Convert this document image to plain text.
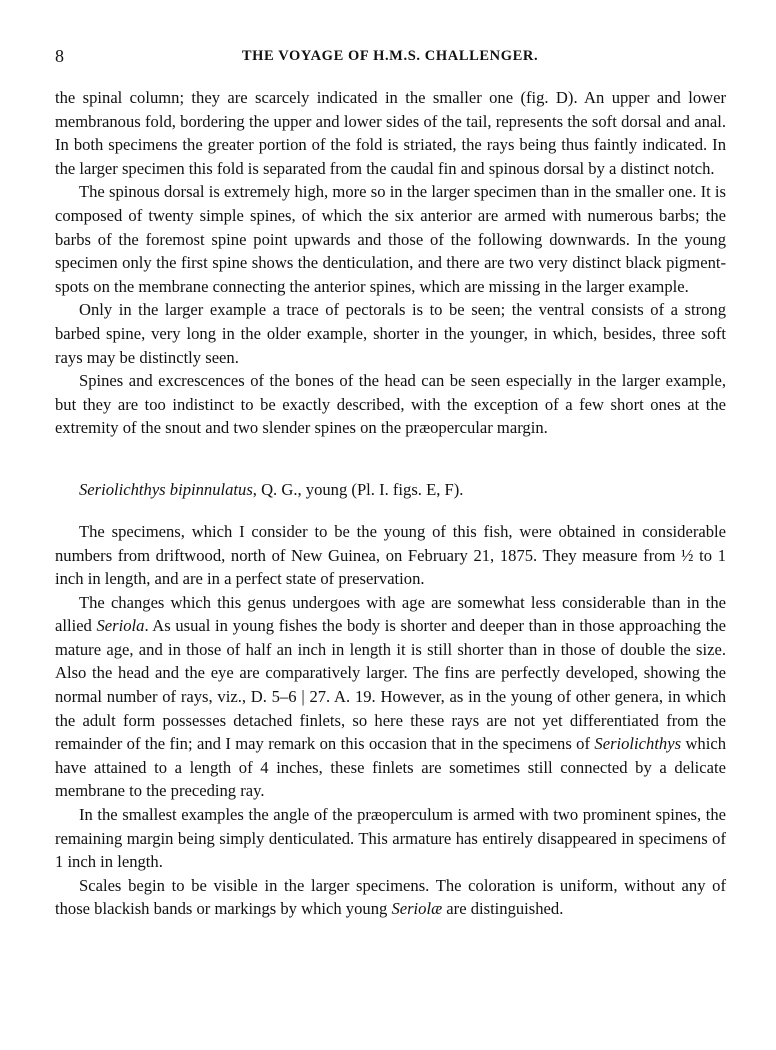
8	THE VOYAGE OF H.M.S. CHALLENGER.

the spinal column; they are scarcely indicated in the smaller one (fig. D). An upper and lower membranous fold, bordering the upper and lower sides of the tail, represents the soft dorsal and anal. In both specimens the greater portion of the fold is striated, the rays being thus faintly indicated. In the larger specimen this fold is separated from the caudal fin and spinous dorsal by a distinct notch.

The spinous dorsal is extremely high, more so in the larger specimen than in the smaller one. It is composed of twenty simple spines, of which the six anterior are armed with numerous barbs; the barbs of the foremost spine point upwards and those of the following downwards. In the young specimen only the first spine shows the denticulation, and there are two very distinct black pigment-spots on the membrane connecting the anterior spines, which are missing in the larger example.

Only in the larger example a trace of pectorals is to be seen; the ventral consists of a strong barbed spine, very long in the older example, shorter in the younger, in which, besides, three soft rays may be distinctly seen.

Spines and excrescences of the bones of the head can be seen especially in the larger example, but they are too indistinct to be exactly described, with the exception of a few short ones at the extremity of the snout and two slender spines on the præopercular margin.

Seriolichthys bipinnulatus, Q. G., young (Pl. I. figs. E, F).

The specimens, which I consider to be the young of this fish, were obtained in considerable numbers from driftwood, north of New Guinea, on February 21, 1875. They measure from ½ to 1 inch in length, and are in a perfect state of preservation.

The changes which this genus undergoes with age are somewhat less considerable than in the allied Seriola. As usual in young fishes the body is shorter and deeper than in those approaching the mature age, and in those of half an inch in length it is still shorter than in those of double the size. Also the head and the eye are comparatively larger. The fins are perfectly developed, showing the normal number of rays, viz., D. 5–6 | 27. A. 19. However, as in the young of other genera, in which the adult form possesses detached finlets, so here these rays are not yet differentiated from the remainder of the fin; and I may remark on this occasion that in the specimens of Seriolichthys which have attained to a length of 4 inches, these finlets are sometimes still connected by a delicate membrane to the preceding ray.

In the smallest examples the angle of the præoperculum is armed with two prominent spines, the remaining margin being simply denticulated. This armature has entirely disappeared in specimens of 1 inch in length.

Scales begin to be visible in the larger specimens. The coloration is uniform, without any of those blackish bands or markings by which young Seriolæ are distinguished.
